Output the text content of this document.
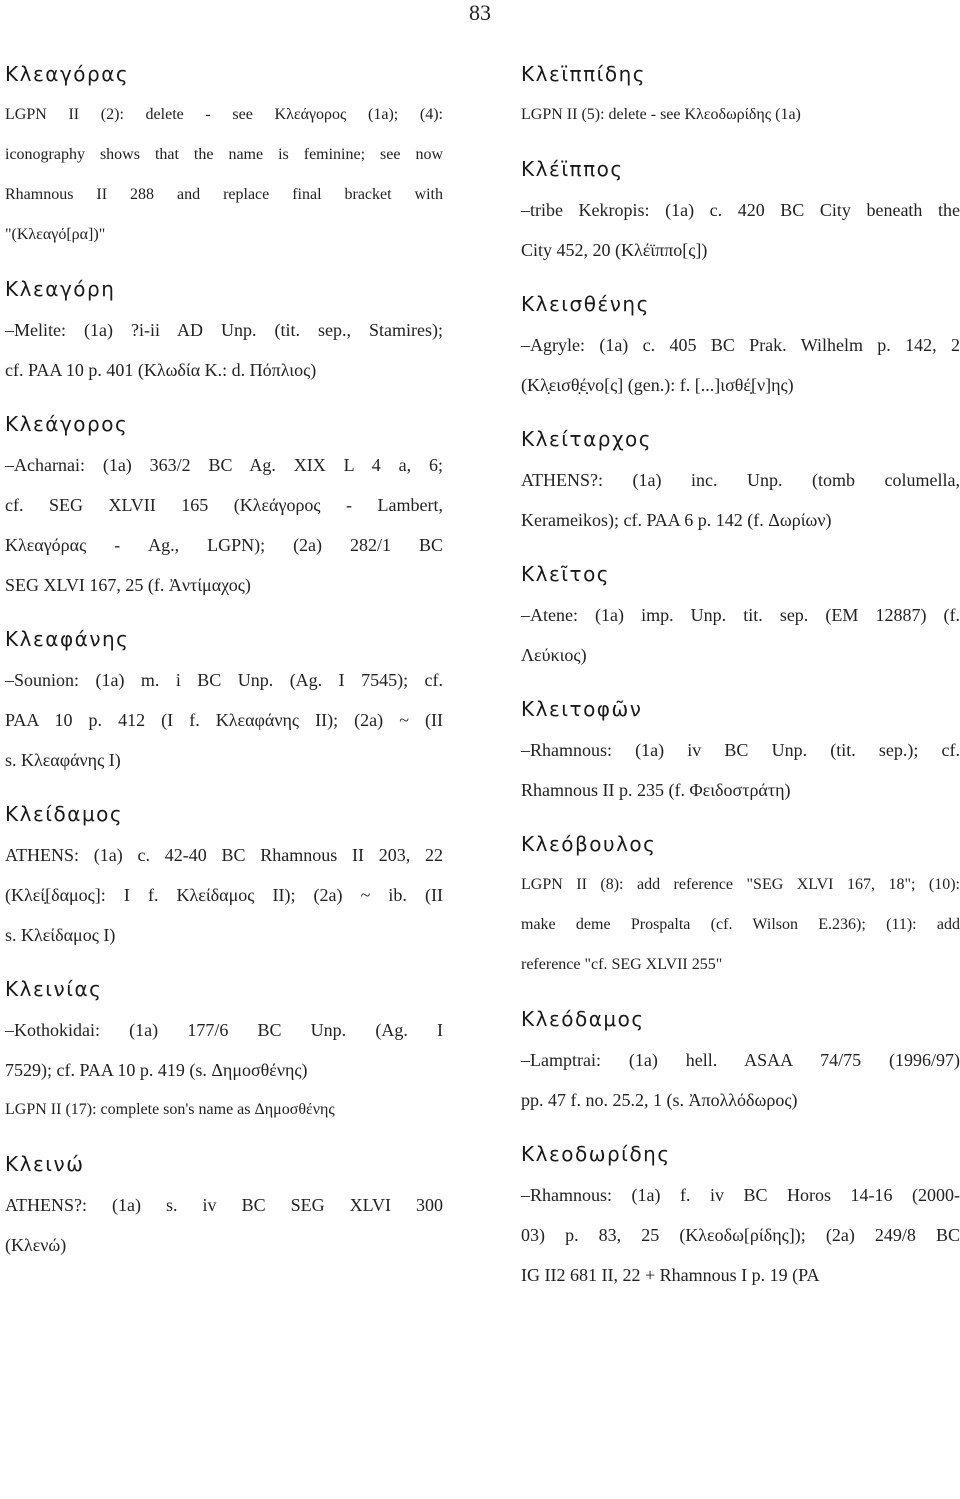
83
Κλεαγόρας
LGPN II (2): delete - see Κλεάγορος (1a); (4):
iconography shows that the name is feminine; see now
Rhamnous II 288 and replace final bracket with
"(Κλεαγό[ρα])"
Κλεαγόρη
–Melite: (1a) ?i-ii AD Unp. (tit. sep., Stamires);
cf. PAA 10 p. 401 (Κλωδία Κ.: d. Πόπλιος)
Κλεάγορος
–Acharnai: (1a) 363/2 BC Ag. XIX L 4 a, 6;
cf. SEG XLVII 165 (Κλεάγορος - Lambert,
Κλεαγόρας - Ag., LGPN); (2a) 282/1 BC
SEG XLVI 167, 25 (f. Ἀντίμαχος)
Κλεαφάνης
–Sounion: (1a) m. i BC Unp. (Ag. I 7545); cf.
PAA 10 p. 412 (I f. Κλεαφάνης II); (2a) ~ (II
s. Κλεαφάνης I)
Κλείδαμος
ATHENS: (1a) c. 42-40 BC Rhamnous II 203, 22
(Κλεί̣[δαμος]: I f. Κλείδαμος II); (2a) ~ ib. (II
s. Κλείδαμος I)
Κλεινίας
–Kothokidai: (1a) 177/6 BC Unp. (Ag. I
7529); cf. PAA 10 p. 419 (s. Δημοσθένης)
LGPN II (17): complete son's name as Δημοσθένης
Κλεινώ
ATHENS?: (1a) s. iv BC SEG XLVI 300
(Κλενώ)
Κλεϊππίδης
LGPN II (5): delete - see Κλεοδωρίδης (1a)
Κλέϊππος
–tribe Kekropis: (1a) c. 420 BC City beneath the
City 452, 20 (Κλέϊππο[ς])
Κλεισθένης
–Agryle: (1a) c. 405 BC Prak. Wilhelm p. 142, 2
(Κλ̣εισθ̣έ̣νο[ς] (gen.): f. [...]ισθέ̣[ν]ης)
Κλείταρχος
ATHENS?: (1a) inc. Unp. (tomb columella,
Kerameikos); cf. PAA 6 p. 142 (f. Δωρίων)
Κλεῖτος
–Atene: (1a) imp. Unp. tit. sep. (EM 12887) (f.
Λεύκιος)
Κλειτοφῶν
–Rhamnous: (1a) iv BC Unp. (tit. sep.); cf.
Rhamnous II p. 235 (f. Φειδοστράτη)
Κλεόβουλος
LGPN II (8): add reference "SEG XLVI 167, 18"; (10):
make deme Prospalta (cf. Wilson E.236); (11): add
reference "cf. SEG XLVII 255"
Κλεόδαμος
–Lamptrai: (1a) hell. ASAA 74/75 (1996/97)
pp. 47 f. no. 25.2, 1 (s. Ἀπολλόδωρος)
Κλεοδωρίδης
–Rhamnous: (1a) f. iv BC Horos 14-16 (2000-
03) p. 83, 25 (Κλεοδω[ρίδης]); (2a) 249/8 BC
IG II2 681 II, 22 + Rhamnous I p. 19 (PA
